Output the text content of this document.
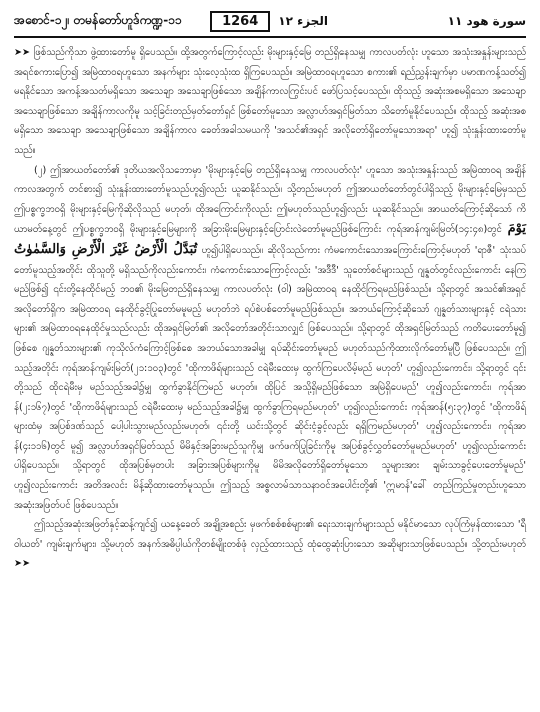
အစောင်-၁၂၊ တမန်တော်ဟူဒ်ကဏ္ဍ-၁၁	1264	الجزء ١٢	سورة هود ١١

➤➤ ဖြစ်သည်ကိုသာ ဖွဲ့ထားတော်မူ ရှိပေသည်။ ထို့အတွက်ကြောင့်လည်း မိုးများနှင့်မြေ တည်ရှိနေသမျှ ကာလပတ်လုံး ဟူသော အသုံးအနှုန်းများသည် အရင်စကားပြော၍ အမြဲထာဝရဟူသော အနက်များ သုံးလေ့သုံးထ ရှိကြပေသည်။ အမြဲထာဝရဟူသော စကား၏ ရည်ညွှန်းချက်မှာ ပမာဏကန့်သတ်၍ မရနိုင်သော အကန့်အသတ်မရှိသော အသေချာ အသေချာဖြစ်သော အချိန်ကာလကြွင်းပင် ဖော်ပြသင့်ပေသည်။ ထိုသည့် အဆုံးအစမရှိသော အသေချာ အသေချာဖြစ်သော အချိန်ကာလကိုမူ သင့်ခြင်းတည်မှတ်တော်ရှင် ဖြစ်တော်မူသော အလ္လာဟ်အရှင်မြတ်သာ သိတော်မူနိုင်ပေသည်။ ထိုသည့် အဆုံးအစမရှိသော အသေချာ အသေချာဖြစ်သော အချိန်ကာလ ခေတ်အခါသမယကို 'အသင်၏အရှင် အလိုတော်ရှိတော်မူသောအရာ' ဟူ၍ သုံးနှုန်းထားတော်မူသည်။

(၂) ဤအာယတ်တော်၏ ဒုတိယအလိုသဘောမှာ 'မိုးများနှင့်မြေ တည်ရှိနေသမျှ ကာလပတ်လုံး' ဟူသော အသုံးအနှုန်းသည် အမြဲထာဝရ အချိန်ကာလအတွက် တင်စား၍ သုံးနှုန်းထားတော်မူသည်ဟူ၍လည်း ယူဆနိုင်သည်။ သို့တည်းမဟုတ် ဤအာယတ်တော်တွင်ပါရှိသည့် မိုးများနှင့်မြေမှသည် ဤပစ္စက္ခဘဝရှိ မိုးများနှင့်မြေကိုဆိုလိုသည် မဟုတ်၊ ထိုအကြောင်းကိုလည်း ဤမဟုတ်သည်ဟူ၍လည်း ယူဆနိုင်သည်။ အာယတ်ကြောင့်ဆိုသော် ကိယာမတ်နေ့တွင် ဤပစ္စက္ခဘဝရှိ မိုးများနှင့်မြေများကို အခြားမိုးမြေများနှင့်ပြောင်းလဲတော်မူမည်ဖြစ်ကြောင်း ကုရ်အာန်ကျမ်းမြတ်(၁၄:၄၈)တွင် يَوْمَ تُبَدَّلُ الْأَرْضُ غَيْرَ الْأَرْضِ وَالسَّمٰوٰتُ ဟူ၍ပါရှိပေသည်။ ဆိုလိုသည်ကား ကံမကောင်းသောအကြောင်းကြောင့်မဟုတ် 'ရာဇီ' သုံးသပ်တော်မူသည့်အတိုင်း ထိုသူတို့ မရှိသည်ကိုလည်းကောင်း၊ ကံကောင်းသောကြောင့်လည်း 'အဒီဒီ' သူတော်စင်များသည် ဂျန္နတ်တွင်လည်းကောင်း နေကြမည်ဖြစ်၍ ၎င်းတို့နေထိုင်မည့် ဘဝ၏ မိုးမြေတည်ရှိနေသမျှ ကာလပတ်လုံး (ဝါ) အမြဲထာဝရ နေထိုင်ကြရမည်ဖြစ်သည်။ သို့ရာတွင် အသင်၏အရှင် အလိုတော်ရှိက အမြဲထာဝရ နေထိုင်ခွင့်ပြုတော်မမူမည့် မဟုတ်ဘဲ ရပ်စဲပစ်တော်မူမည်ဖြစ်သည်။ အဘယ်ကြောင့်ဆိုသော် ဂျန္နတ်သားများနှင့် ငရဲသားများ၏ အမြဲထာဝရနေထိုင်မှုသည်လည်း ထိုအရှင်မြတ်၏ အလိုတော်အတိုင်းသာလျှင် ဖြစ်ပေသည်။ သို့ရာတွင် ထိုအရှင်မြတ်သည် ကတိပေးတော်မူ၍ ဖြစ်စေ ဂျန္နတ်သားများ၏ ကုသိုလ်ကံကြောင့်ဖြစ်စေ အဘယ်သောအခါမျှ ရပ်ဆိုင်းတော်မူမည် မဟုတ်သည်ကိုထားလိုက်တော်မူပြီ ဖြစ်ပေသည်။ ဤသည့်အတိုင်း ကုရ်အာန်ကျမ်းမြတ်(၂၁:၁၀၃)တွင် 'ထိုကာဖိရ်များသည် ငရဲမီးထေးမှ ထွက်ကြပေလိမ့်မည် မဟုတ်' ဟူ၍လည်းကောင်း၊ သို့ရာတွင် ၎င်းတို့သည် ထိုငရဲမီးမှ မည်သည့်အခါ၌မျှ ထွက်ခွာနိုင်ကြမည် မဟုတ်။ ထိုပြင် အသို့ရှိမည်ဖြစ်သော အမြဲရှိပေမည်' ဟူ၍လည်းကောင်း၊ ကုရ်အာန်(၂:၁၆၇)တွင် 'ထိုကာဖိရ်များသည် ငရဲမီးထေးမှ မည်သည့်အခါ၌မျှ ထွက်ခွာကြရမည်မဟုတ်' ဟူ၍လည်းကောင်း ကုရ်အာန်(၅:၃၇)တွင် 'ထိုကာဖိရ်များထံမှ အပြစ်ဒဏ်သည် ပေါ့ပါးသွားမည်လည်းမဟုတ်၊ ၎င်းတို့ ယင်းသို့တွင် ဆိုင်းငံ့ခွင့်လည်း ရရှိကြမည်မဟုတ်' ဟူ၍လည်းကောင်း၊ ကုရ်အာန်(၄း၁၁၆)တွင် မူ၍ အလ္လာဟ်အရှင်မြတ်သည် မိမိနှင့်အခြားမည်သူကိုမျှ ဖက်ဖက်ပြုခြင်းကိုမူ အပြစ်ခွင့်လွှတ်တော်မူမည်မဟုတ်' ဟူ၍လည်းကောင်း ပါရှိပေသည်။ သို့ရာတွင် ထိုအပြစ်မှတပါး အခြားအပြစ်များကိုမူ မိမိအလိုတော်ရှိတော်မူသော သူများအား ချမ်းသာခွင့်ပေးတော်မူမည်' ဟူ၍လည်းကောင်း အတိအလင်း မိန့်ဆိုထားတော်မူသည်။ ဤသည့် အစ္စလာမ်သာသနာဝင်အပေါင်းတို့၏ 'ဣမာန်'ခေါ် တည်ကြည်မှုတည်းဟူသော အဆုံးအဖြတ်ပင် ဖြစ်ပေသည်။

ဤသည့်အဆုံးအဖြတ်နှင့်ဆန့်ကျင်၍ ယနေ့ခေတ် အချို့အစည်း မှဖက်စစ်စစ်များ၏ ရေးသားချက်များသည် မနိုင်မာသော လုပ်ကြံမှန်ထားသော 'ရီဝါယတ်' ကျမ်းချက်များ၊ သို့မဟုတ် အနက်အဓိပ္ပါယ်ကိုတစ်မျိုးတစ်ဖုံ လှည့်ထားသည့် ထုံထွေဆုံးပြားသော အဆိုများသာဖြစ်ပေသည်။ သို့တည်းမဟုတ် ➤➤
